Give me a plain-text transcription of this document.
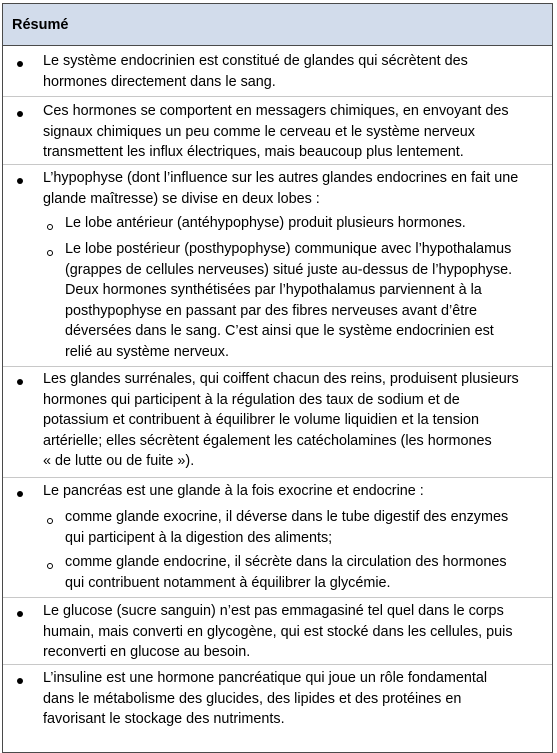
Résumé
Le système endocrinien est constitué de glandes qui sécrètent des
hormones directement dans le sang.
Ces hormones se comportent en messagers chimiques, en envoyant des
signaux chimiques un peu comme le cerveau et le système nerveux
transmettent les influx électriques, mais beaucoup plus lentement.
L’hypophyse (dont l’influence sur les autres glandes endocrines en fait une
glande maîtresse) se divise en deux lobes :
Le lobe antérieur (antéhypophyse) produit plusieurs hormones.
Le lobe postérieur (posthypophyse) communique avec l’hypothalamus
(grappes de cellules nerveuses) situé juste au-dessus de l’hypophyse.
Deux hormones synthétisées par l’hypothalamus parviennent à la
posthypophyse en passant par des fibres nerveuses avant d’être
déversées dans le sang. C’est ainsi que le système endocrinien est
relié au système nerveux.
Les glandes surrénales, qui coiffent chacun des reins, produisent plusieurs
hormones qui participent à la régulation des taux de sodium et de
potassium et contribuent à équilibrer le volume liquidien et la tension
artérielle; elles sécrètent également les catécholamines (les hormones
« de lutte ou de fuite »).
Le pancréas est une glande à la fois exocrine et endocrine :
comme glande exocrine, il déverse dans le tube digestif des enzymes
qui participent à la digestion des aliments;
comme glande endocrine, il sécrète dans la circulation des hormones
qui contribuent notamment à équilibrer la glycémie.
Le glucose (sucre sanguin) n’est pas emmagasiné tel quel dans le corps
humain, mais converti en glycogène, qui est stocké dans les cellules, puis
reconverti en glucose au besoin.
L’insuline est une hormone pancréatique qui joue un rôle fondamental
dans le métabolisme des glucides, des lipides et des protéines en
favorisant le stockage des nutriments.
